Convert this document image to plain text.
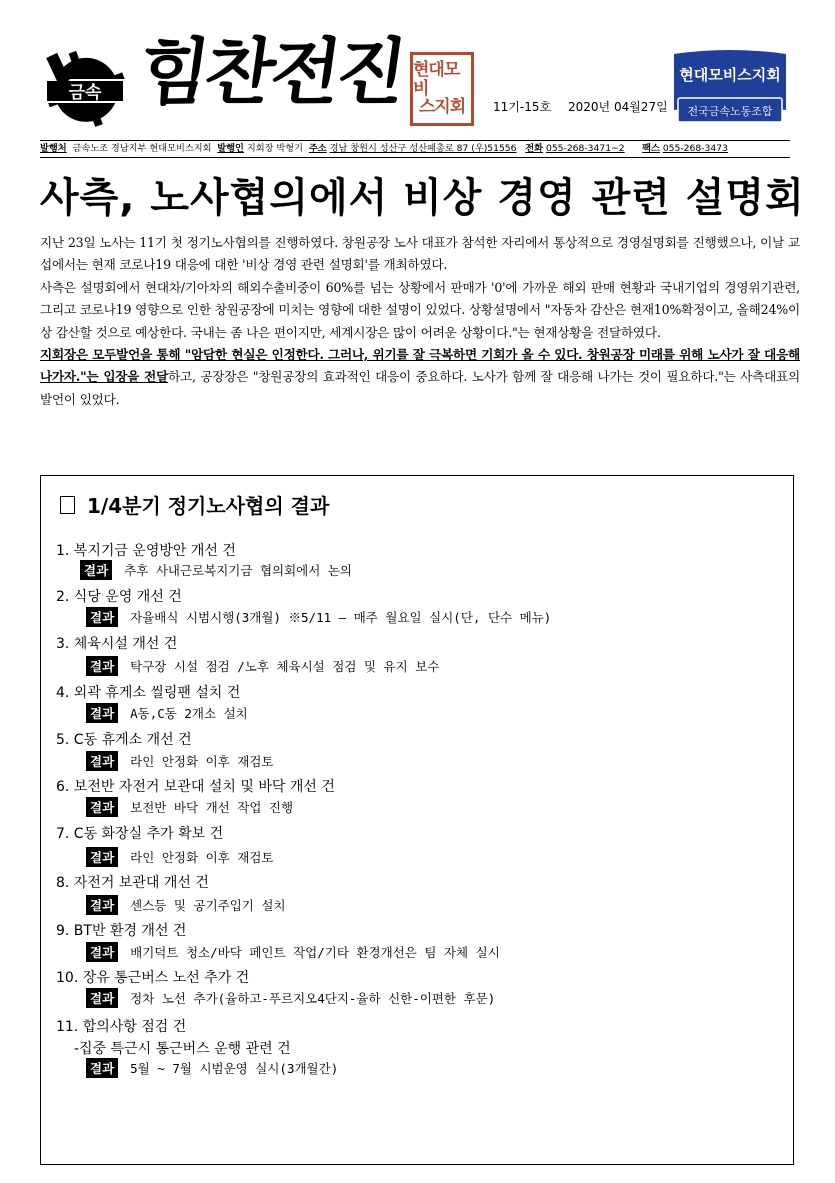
금속 힘찬전진 현대모비
스지회 11기-15호 2020년 04월27일
현대모비스지회
전국금속노동조합
발행처 금속노조 경남지부 현대모비스지회 발행인 지회장 박형기 주소 경남 창원시 성산구 성산패총로 87 (우)51556 전화 055-268-3471~2 팩스 055-268-3473
사측, 노사협의에서 비상 경영 관련 설명회

지난 23일 노사는 11기 첫 정기노사협의를 진행하였다. 창원공장 노사 대표가 참석한 자리에서 통상적으로 경영설명회를 진행했으나, 이날 교섭에서는 현재 코로나19 대응에 대한 '비상 경영 관련 설명회'를 개최하였다.

사측은 설명회에서 현대차/기아차의 해외수출비중이 60%를 넘는 상황에서 판매가 '0'에 가까운 해외 판매 현황과 국내기업의 경영위기관련, 그리고 코로나19 영향으로 인한 창원공장에 미치는 영향에 대한 설명이 있었다. 상황설명에서 "자동차 감산은 현재10%확정이고, 올해24%이상 감산할 것으로 예상한다. 국내는 좀 나은 편이지만, 세계시장은 많이 어려운 상황이다."는 현재상황을 전달하였다.

지회장은 모두발언을 통해 "암담한 현실은 인정한다. 그러나, 위기를 잘 극복하면 기회가 올 수 있다. 창원공장 미래를 위해 노사가 잘 대응해 나가자."는 입장을 전달하고, 공장장은 "창원공장의 효과적인 대응이 중요하다. 노사가 함께 잘 대응해 나가는 것이 필요하다."는 사측대표의 발언이 있었다.

1/4분기 정기노사협의 결과
1. 복지기금 운영방안 개선 건
결과 추후 사내근로복지기금 협의회에서 논의
2. 식당 운영 개선 건
결과 자율배식 시범시행(3개월) ※5/11 – 매주 월요일 실시(단, 단수 메뉴)
3. 체육시설 개선 건
결과 탁구장 시설 점검 /노후 체육시설 점검 및 유지 보수
4. 외곽 휴게소 씰링팬 설치 건
결과 A동,C동 2개소 설치
5. C동 휴게소 개선 건
결과 라인 안정화 이후 재검토
6. 보전반 자전거 보관대 설치 및 바닥 개선 건
결과 보전반 바닥 개선 작업 진행
7. C동 화장실 추가 확보 건
결과 라인 안정화 이후 재검토
8. 자전거 보관대 개선 건
결과 센스등 및 공기주입기 설치
9. BT반 환경 개선 건
결과 배기덕트 청소/바닥 페인트 작업/기타 환경개선은 팀 자체 실시
10. 장유 통근버스 노선 추가 건
결과 정차 노선 추가(율하고-푸르지오4단지-율하 신한-이편한 후문)
11. 합의사항 점검 건
-집중 특근시 통근버스 운행 관련 건
결과 5월 ~ 7월 시범운영 실시(3개월간)
